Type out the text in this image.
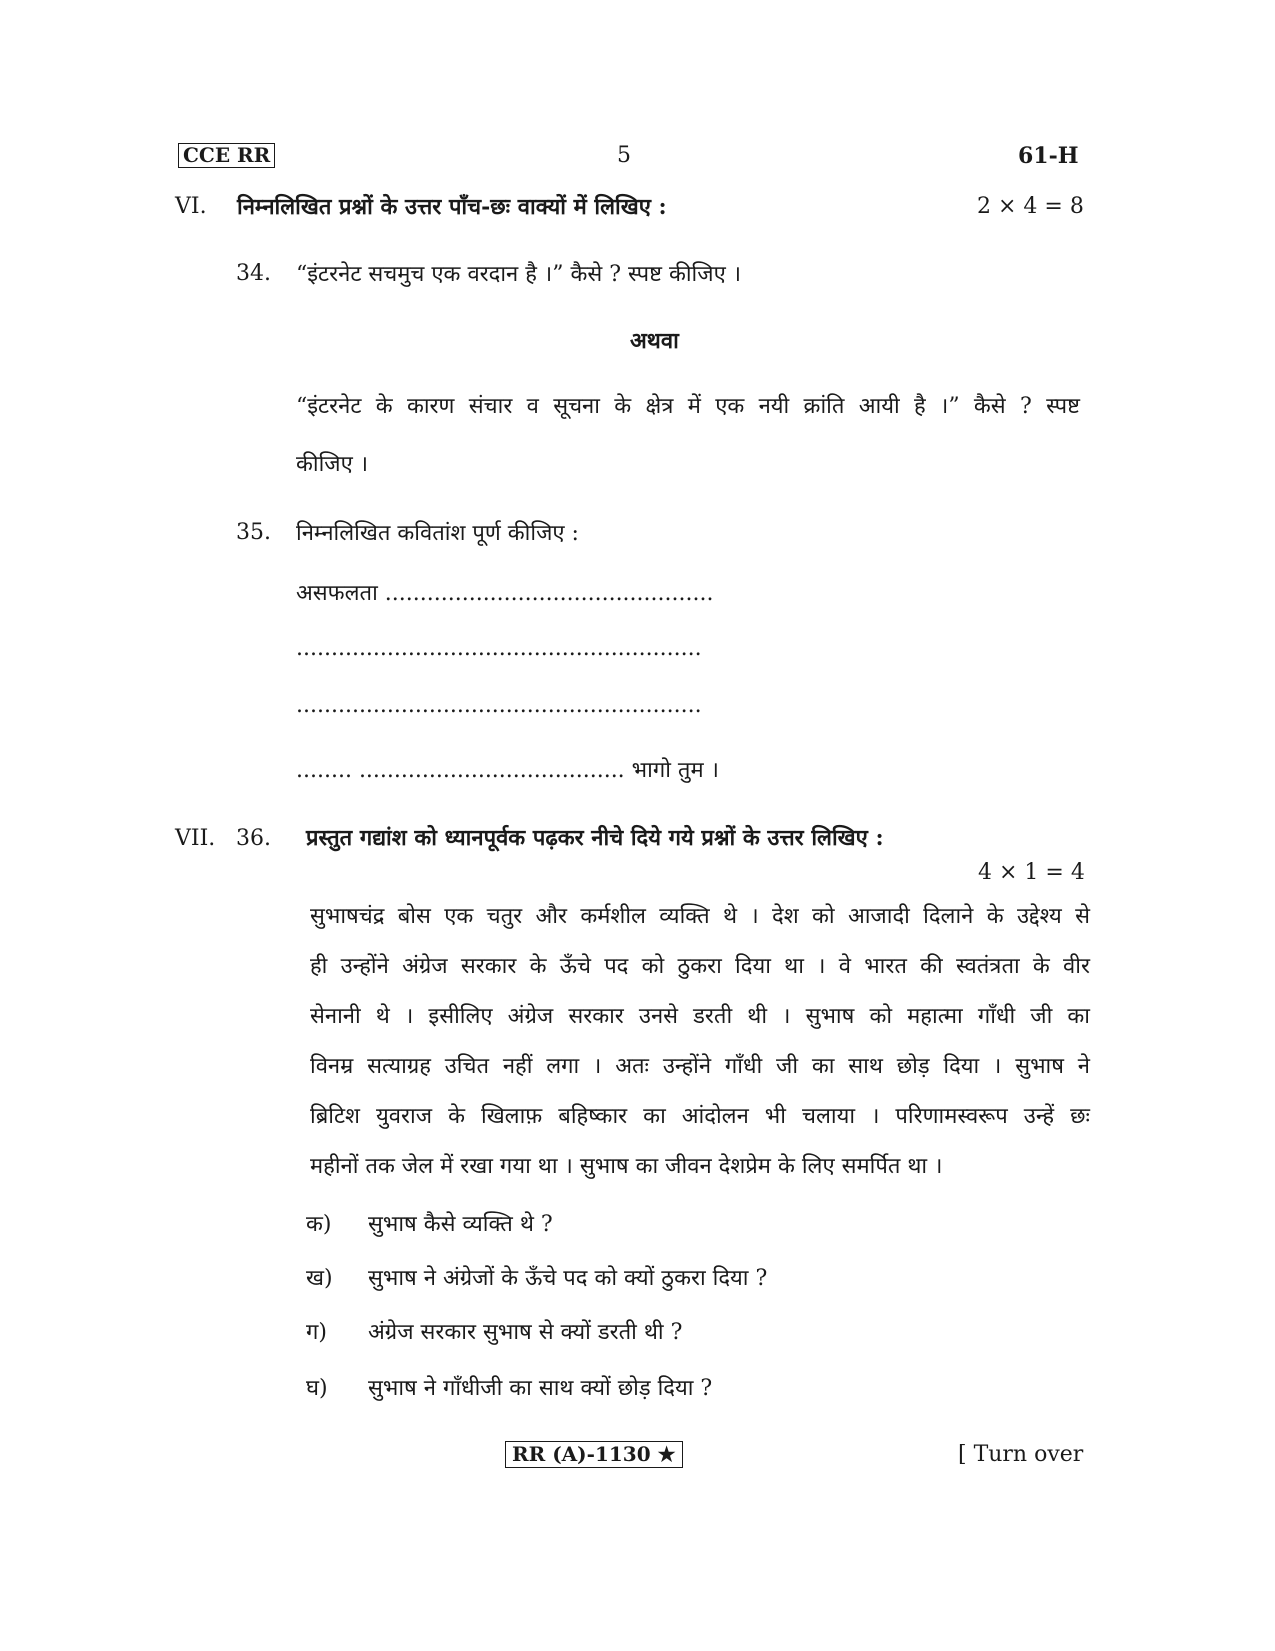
CCE RR	5	61-H
VI. निम्नलिखित प्रश्नों के उत्तर पाँच-छः वाक्यों में लिखिए :	2 × 4 = 8
34. “इंटरनेट सचमुच एक वरदान है ।” कैसे ? स्पष्ट कीजिए ।
अथवा
“इंटरनेट के कारण संचार व सूचना के क्षेत्र में एक नयी क्रांति आयी है ।” कैसे ? स्पष्ट
कीजिए ।
35. निम्नलिखित कवितांश पूर्ण कीजिए :
असफलता ...............................................
..........................................................
..........................................................
........ ...................................... भागो तुम ।
VII. 36. प्रस्तुत गद्यांश को ध्यानपूर्वक पढ़कर नीचे दिये गये प्रश्नों के उत्तर लिखिए :
4 × 1 = 4
सुभाषचंद्र बोस एक चतुर और कर्मशील व्यक्ति थे । देश को आजादी दिलाने के उद्देश्य से
ही उन्होंने अंग्रेज सरकार के ऊँचे पद को ठुकरा दिया था । वे भारत की स्वतंत्रता के वीर
सेनानी थे । इसीलिए अंग्रेज सरकार उनसे डरती थी । सुभाष को महात्मा गाँधी जी का
विनम्र सत्याग्रह उचित नहीं लगा । अतः उन्होंने गाँधी जी का साथ छोड़ दिया । सुभाष ने
ब्रिटिश युवराज के खिलाफ़ बहिष्कार का आंदोलन भी चलाया । परिणामस्वरूप उन्हें छः
महीनों तक जेल में रखा गया था । सुभाष का जीवन देशप्रेम के लिए समर्पित था ।
क) सुभाष कैसे व्यक्ति थे ?
ख) सुभाष ने अंग्रेजों के ऊँचे पद को क्यों ठुकरा दिया ?
ग) अंग्रेज सरकार सुभाष से क्यों डरती थी ?
घ) सुभाष ने गाँधीजी का साथ क्यों छोड़ दिया ?
RR (A)-1130 ★	[ Turn over
